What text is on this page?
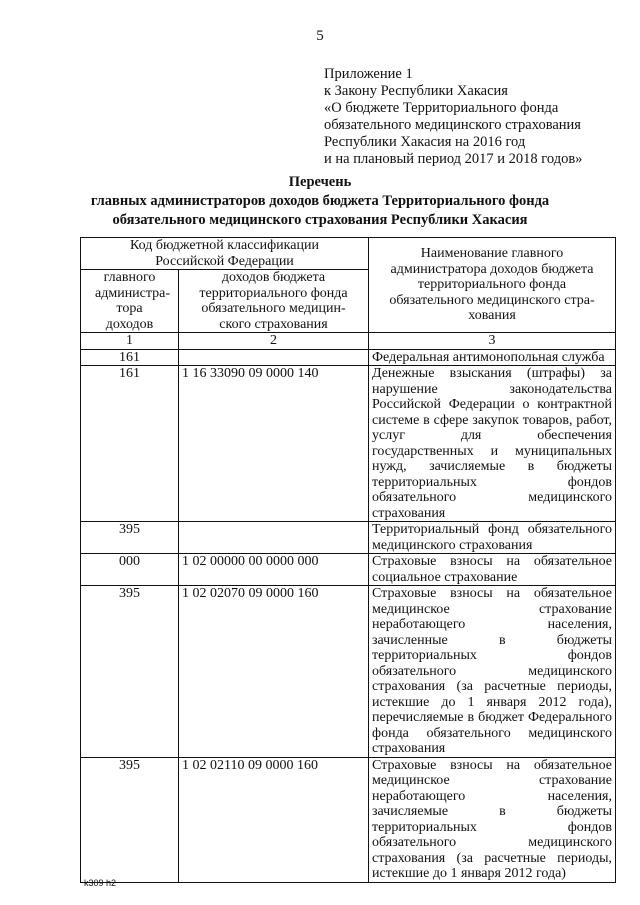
5
Приложение 1
к Закону Республики Хакасия
«О бюджете Территориального фонда
обязательного медицинского страхования
Республики Хакасия на 2016 год
и на плановый период 2017 и 2018 годов»
Перечень
главных администраторов доходов бюджета Территориального фонда
обязательного медицинского страхования Республики Хакасия
Код бюджетной классификации
Российской Федерации		Наименование главного администратора доходов бюджета территориального фонда обязательного медицинского стра-хования
главного администра-тора доходов	доходов бюджета территориального фонда обязательного медицин-ского страхования	
1	2	3
161		Федеральная антимонопольная служба
161	1 16 33090 09 0000 140	Денежные взыскания (штрафы) за нарушение законодательства Российской Федерации о контрактной системе в сфере закупок товаров, работ, услуг для обеспечения государственных и муниципальных нужд, зачисляемые в бюджеты территориальных фондов обязательного медицинского страхования
395		Территориальный фонд обязательного медицинского страхования
000	1 02 00000 00 0000 000	Страховые взносы на обязательное социальное страхование
395	1 02 02070 09 0000 160	Страховые взносы на обязательное медицинское страхование неработающего населения, зачисленные в бюджеты территориальных фондов обязательного медицинского страхования (за расчетные периоды, истекшие до 1 января 2012 года), перечисляемые в бюджет Федерального фонда обязательного медицинского страхования
395	1 02 02110 09 0000 160	Страховые взносы на обязательное медицинское страхование неработающего населения, зачисляемые в бюджеты территориальных фондов обязательного медицинского страхования (за расчетные периоды, истекшие до 1 января 2012 года)
k309 h2
